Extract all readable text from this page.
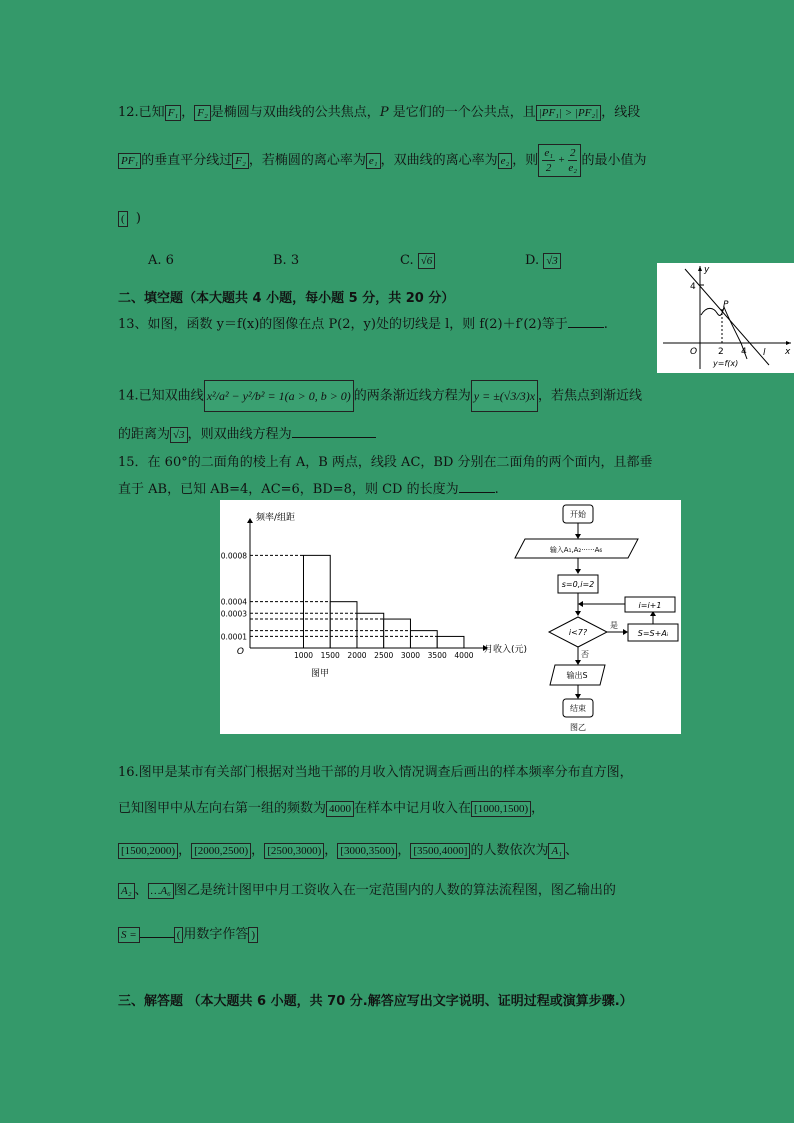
12.已知 F₁ ， F₂ 是椭圆与双曲线的公共焦点，P 是它们的一个公共点，且 |PF₁| > |PF₂| ，线段
PF₁ 的垂直平分线过 F₂ ，若椭圆的离心率为 e₁ ，双曲线的离心率为 e₂ ，则 $\frac{\text{e₁}}{2} + \frac{2}{\text{e₂}}$ 的最小值为
(  )
A. 6	B. 3	C. √6	D. √3
二、填空题（本大题共 4 小题，每小题 5 分，共 20 分）
13、如图，函数 y＝f(x)的图像在点 P(2，y)处的切线是 l，则 f(2)＋f′(2)等于	.
y
x
O
4
2 4
P
y=f(x)
l
14.已知双曲线 x²/a² − y²/b² = 1(a > 0, b > 0) 的两条渐近线方程为 y = ±(√3/3)x ，若焦点到渐近线
的距离为 √3 ，则双曲线方程为
15．在 60°的二面角的棱上有 A，B 两点，线段 AC，BD 分别在二面角的两个面内，且都垂
直于 AB，已知 AB=4，AC=6，BD=8，则 CD 的长度为	.
频率/组距
月收入(元)
O
0.0008
0.0004
0.0003
0.0001
1000 1500 2000 2500 3000 3500 4000
图甲
开始
输入A₁,A₂······A₆
s=0,i=2
i<7?
是
S=S+Aᵢ
i=i+1
否
输出S
结束
图乙
16.图甲是某市有关部门根据对当地干部的月收入情况调查后画出的样本频率分布直方图，
已知图甲中从左向右第一组的频数为 4000 在样本中记月收入在 [1000,1500) ，
[1500,2000) ， [2000,2500) ， [2500,3000) ， [3000,3500) ， [3500,4000] 的人数依次为 A₁ 、
A₂ 、 …A₆ 图乙是统计图甲中月工资收入在一定范围内的人数的算法流程图，图乙输出的
S =	( 用数字作答 )
三、解答题 （本大题共 6 小题，共 70 分.解答应写出文字说明、证明过程或演算步骤.）
